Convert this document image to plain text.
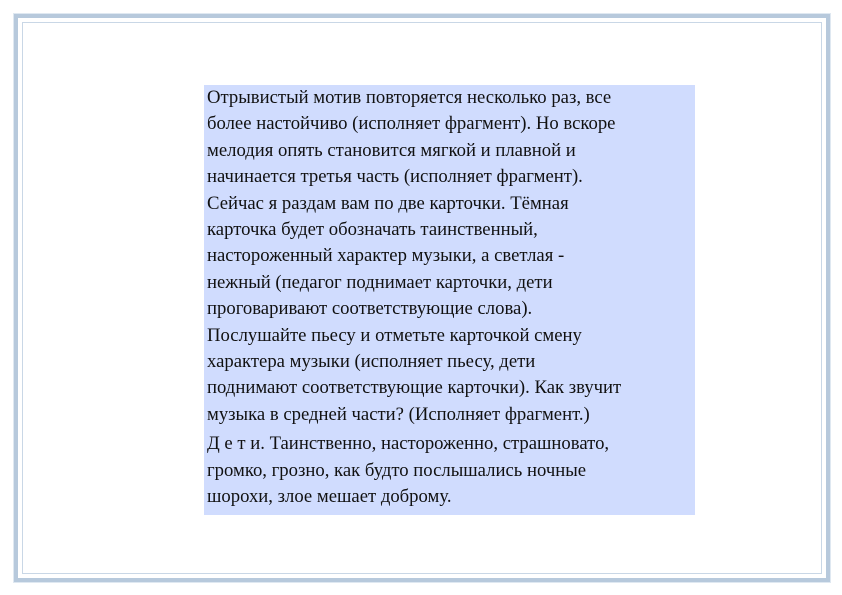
Отрывистый мотив повторяется несколько раз, все
более настойчиво (исполняет фрагмент). Но вскоре
мелодия опять становится мягкой и плавной и
начинается третья часть (исполняет фрагмент).
Сейчас я раздам вам по две карточки. Тёмная
карточка будет обозначать таинственный,
настороженный характер музыки, а светлая -
нежный (педагог поднимает карточки, дети
проговаривают соответствующие слова).
Послушайте пьесу и отметьте карточкой смену
характера музыки (исполняет пьесу, дети
поднимают соответствующие карточки). Как звучит
музыка в средней части? (Исполняет фрагмент.)

Д е т и. Таинственно, настороженно, страшновато,
громко, грозно, как будто послышались ночные
шорохи, злое мешает доброму.
